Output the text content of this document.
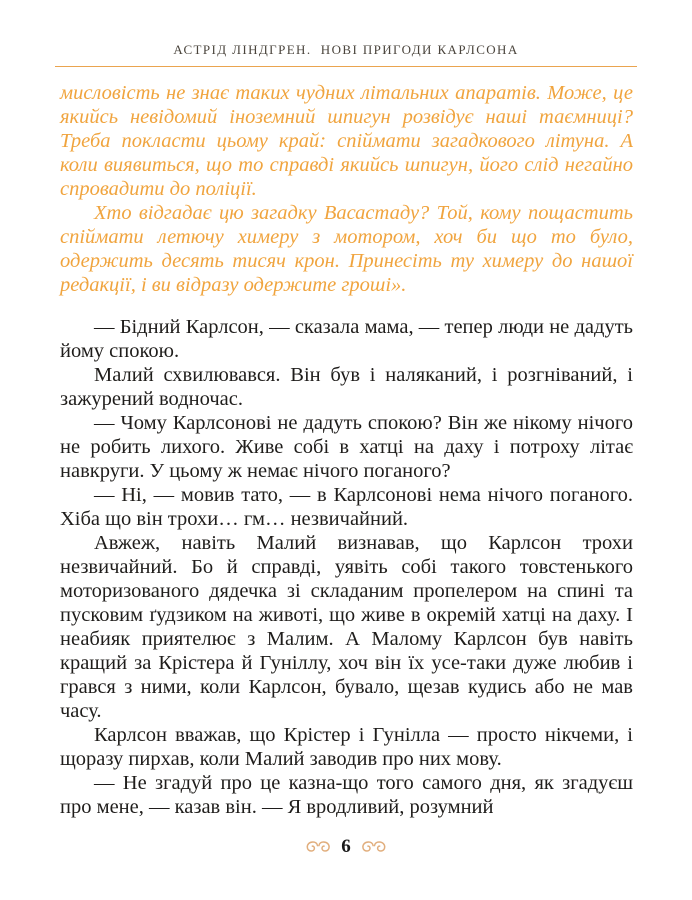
АСТРІД ЛІНДГРЕН.  НОВІ ПРИГОДИ КАРЛСОНА

мисловість не знає таких чудних літальних апаратів. Може, це якийсь невідомий іноземний шпигун розвідує наші таємниці? Треба покласти цьому край: спіймати загадкового літуна. А коли виявиться, що то справді якийсь шпигун, його слід негайно спровадити до поліції.

Хто відгадає цю загадку Васастаду? Той, кому пощастить спіймати летючу химеру з мотором, хоч би що то було, одержить десять тисяч крон. Принесіть ту химеру до нашої редакції, і ви відразу одержите гроші».

— Бідний Карлсон, — сказала мама, — тепер люди не дадуть йому спокою.

Малий схвилювався. Він був і наляканий, і розгніваний, і зажурений водночас.

— Чому Карлсонові не дадуть спокою? Він же нікому нічого не робить лихого. Живе собі в хатці на даху і потроху літає навкруги. У цьому ж немає нічого поганого?

— Ні, — мовив тато, — в Карлсонові нема нічого поганого. Хіба що він трохи… гм… незвичайний.

Авжеж, навіть Малий визнавав, що Карлсон трохи незвичайний. Бо й справді, уявіть собі такого товстенького моторизованого дядечка зі складаним пропелером на спині та пусковим ґудзиком на животі, що живе в окремій хатці на даху. І неабияк приятелює з Малим. А Малому Карлсон був навіть кращий за Крістера й Гуніллу, хоч він їх усе-таки дуже любив і грався з ними, коли Карлсон, бувало, щезав кудись або не мав часу.

Карлсон вважав, що Крістер і Гунілла — просто нікчеми, і щоразу пирхав, коли Малий заводив про них мову.

— Не згадуй про це казна-що того самого дня, як згадуєш про мене, — казав він. — Я вродливий, розумний

6
